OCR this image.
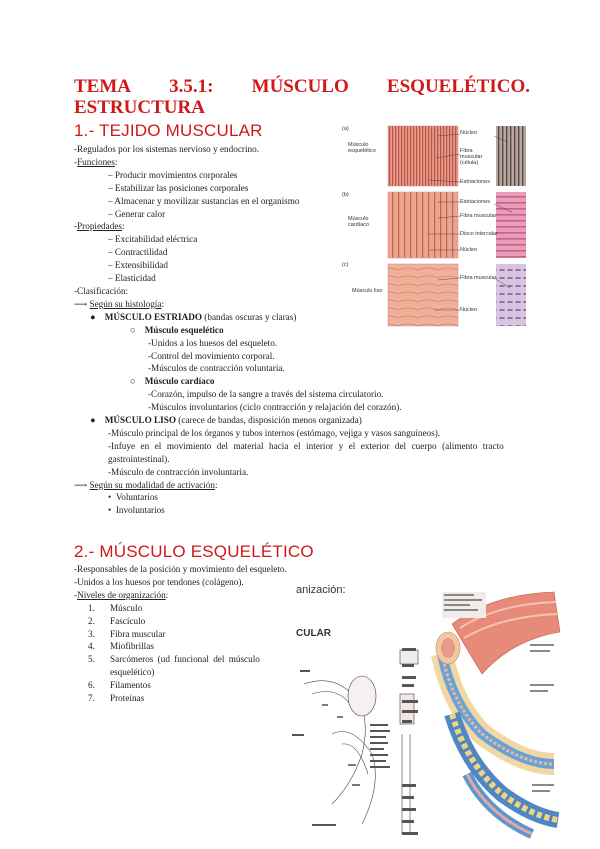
TEMA 3.5.1: MÚSCULO ESQUELÉTICO.
ESTRUCTURA
1.- TEJIDO MUSCULAR
-Regulados por los sistemas nervioso y endocrino.
-Funciones:
– Producir movimientos corporales
– Estabilizar las posiciones corporales
– Almacenar y movilizar sustancias en el organismo
– Generar calor
-Propiedades:
– Excitabilidad eléctrica
– Contractilidad
– Extensibilidad
– Elasticidad
-Clasificación:
⟶ Según su histología:
●    MÚSCULO ESTRIADO (bandas oscuras y claras)
○    Músculo esquelético
-Unidos a los huesos del esqueleto.
-Control del movimiento corporal.
-Músculos de contracción voluntaria.
○    Músculo cardíaco
-Corazón, impulso de la sangre a través del sistema circulatorio.
-Músculos involuntarios (ciclo contracción y relajación del corazón).
●    MÚSCULO LISO (carece de bandas, disposición menos organizada)
-Músculo principal de los órganos y tubos internos (estómago, vejiga y vasos sanguíneos).
-Infuye en el movimiento del material hacia el interior y el exterior del cuerpo (alimento tracto
gastrointestinal).
-Músculo de contracción involuntaria.
⟶ Según su modalidad de activación:
•  Voluntarios
•  Involuntarios
(a)
(b)
(c)
Músculo esquelético
Músculo cardíaco
Músculo liso
Núcleo
Fibra muscular (célula)
Estriaciones
Estriaciones
Fibra muscular
Disco intercalar
Núcleo
Fibra muscular
Núcleo
2.- MÚSCULO ESQUELÉTICO
-Responsables de la posición y movimiento del esqueleto.
-Unidos a los huesos por tendones (colágeno).
-Niveles de organización:
1. Músculo
2. Fascículo
3. Fibra muscular
4. Miofibrillas
5. Sarcómeros (ud funcional del músculo
esquelético)
6. Filamentos
7. Proteínas
anización:
CULAR
